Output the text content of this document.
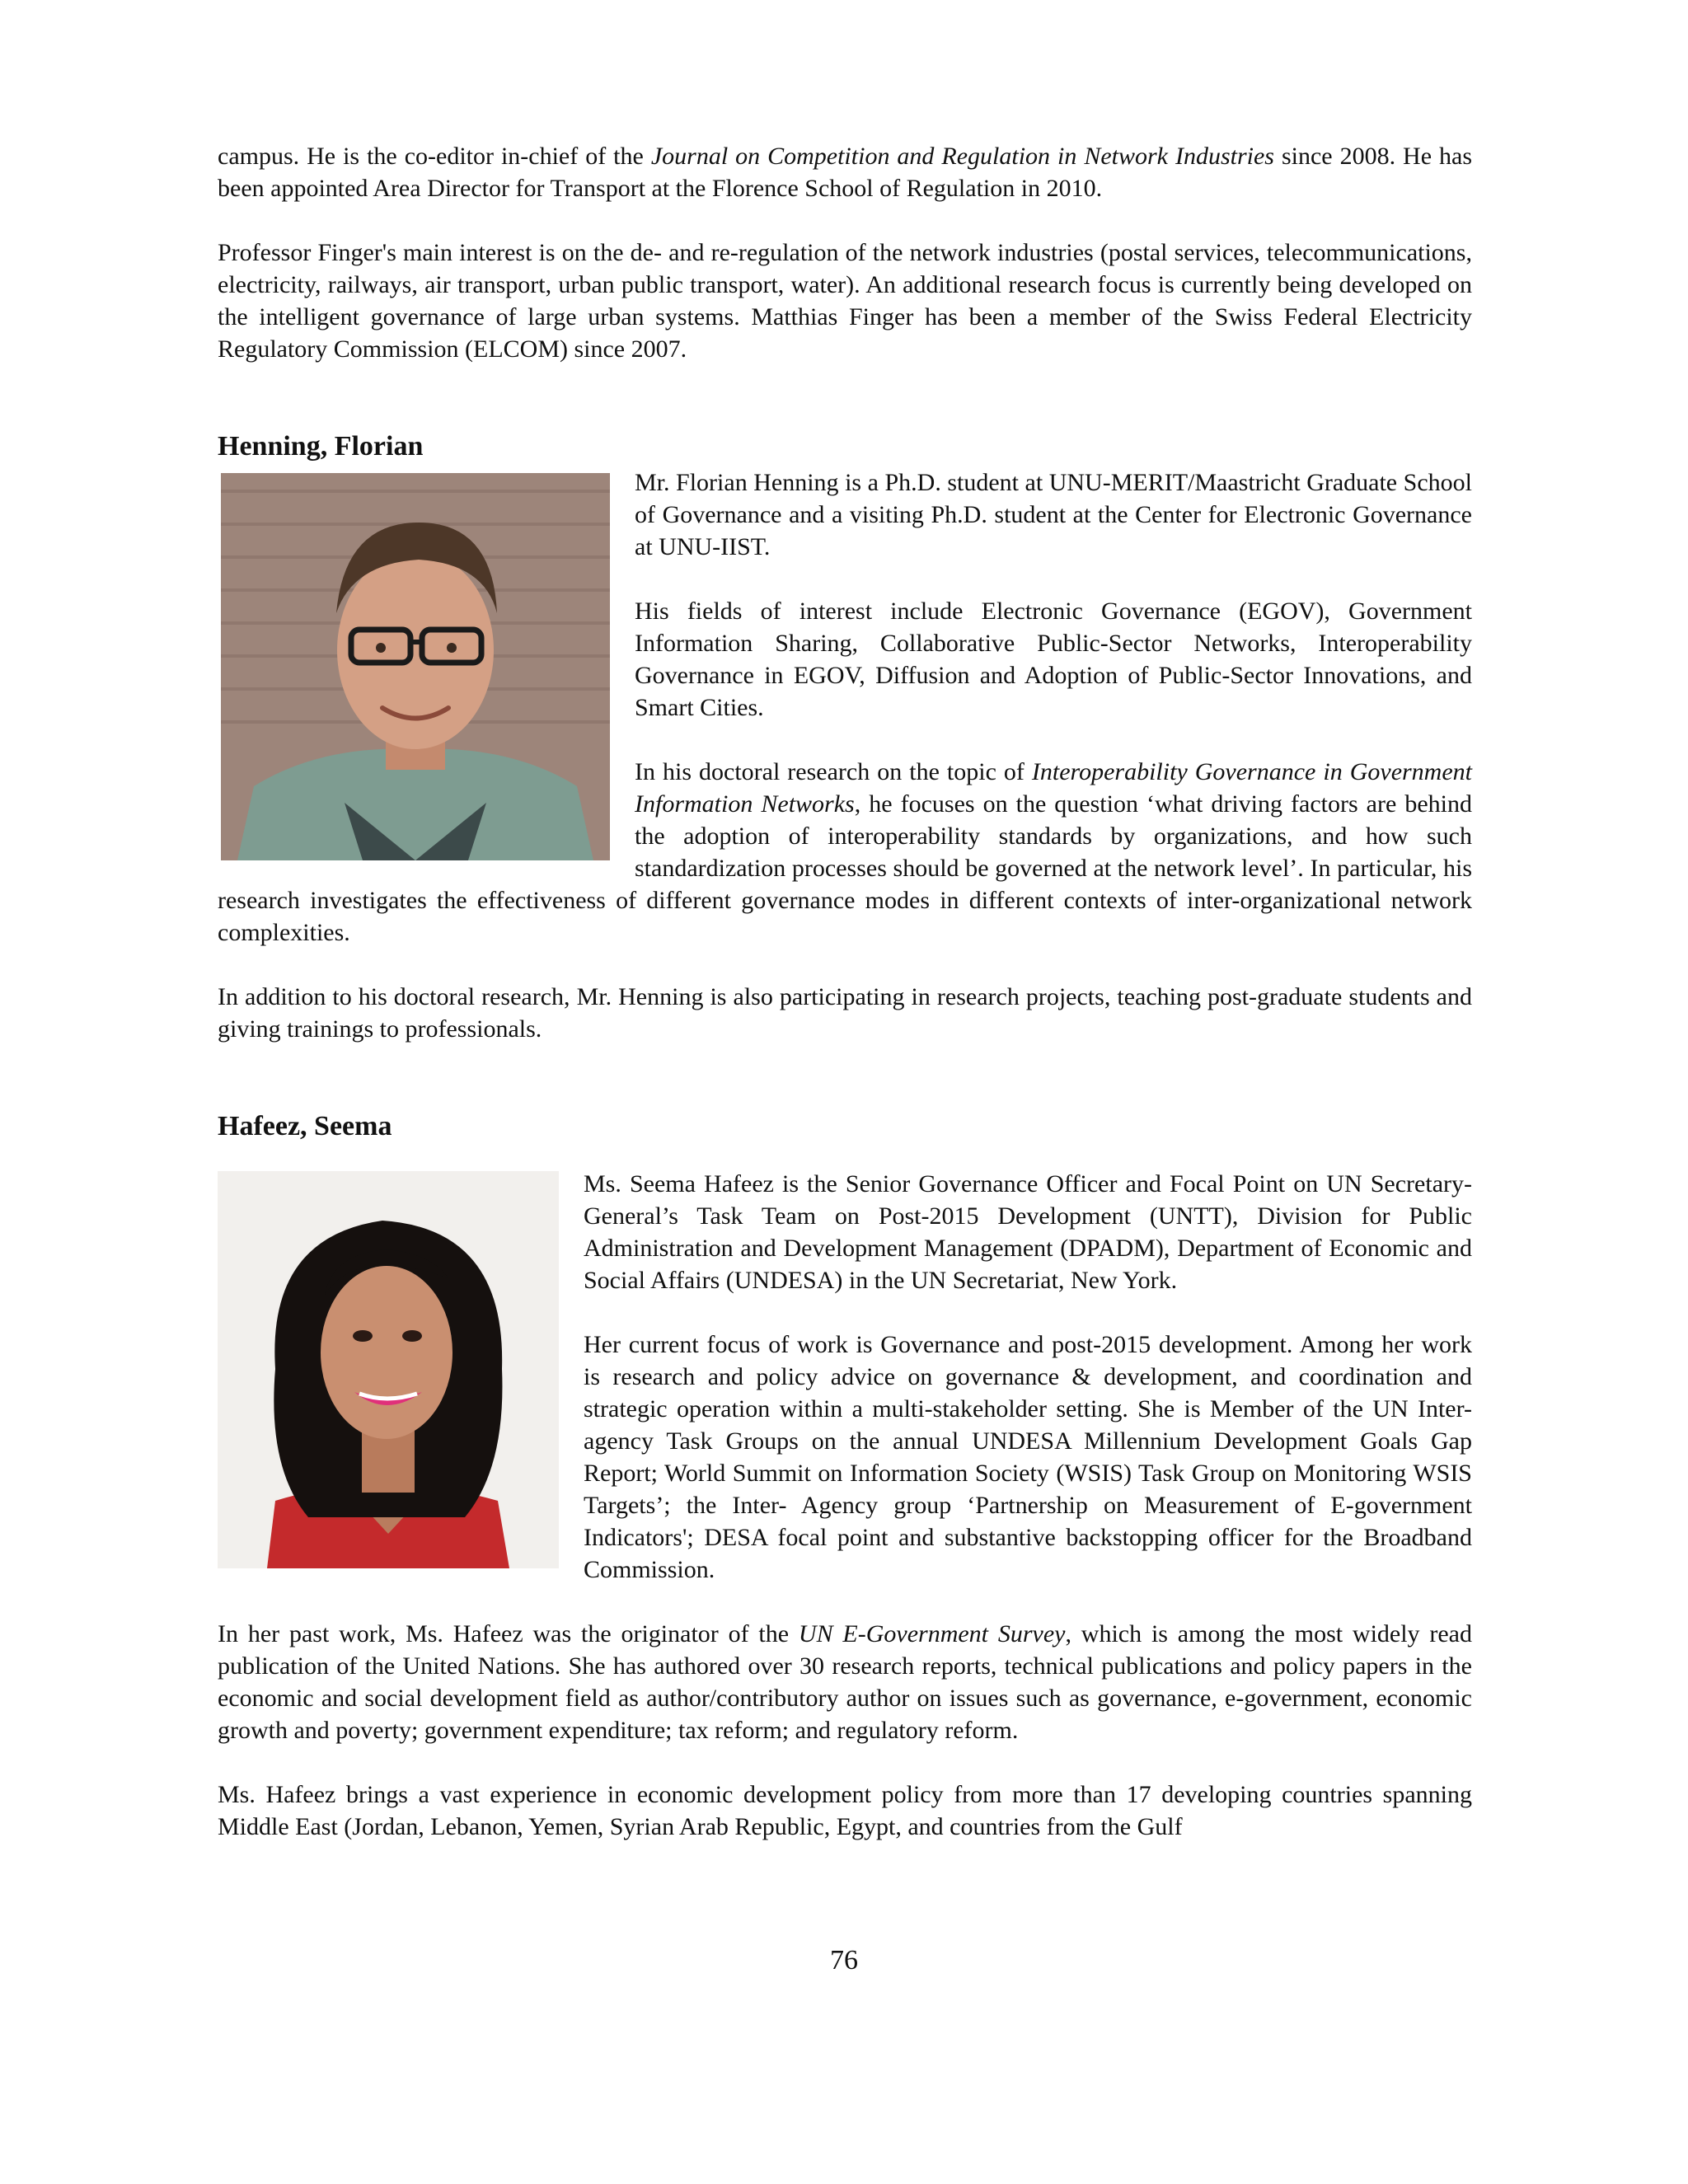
campus. He is the co-editor in-chief of the Journal on Competition and Regulation in Network Industries since 2008. He has been appointed Area Director for Transport at the Florence School of Regulation in 2010.

Professor Finger's main interest is on the de- and re-regulation of the network industries (postal services, telecommunications, electricity, railways, air transport, urban public transport, water). An additional research focus is currently being developed on the intelligent governance of large urban systems. Matthias Finger has been a member of the Swiss Federal Electricity Regulatory Commission (ELCOM) since 2007.

Henning, Florian

Mr. Florian Henning is a Ph.D. student at UNU-MERIT/Maastricht Graduate School of Governance and a visiting Ph.D. student at the Center for Electronic Governance at UNU-IIST.

His fields of interest include Electronic Governance (EGOV), Government Information Sharing, Collaborative Public-Sector Networks, Interoperability Governance in EGOV, Diffusion and Adoption of Public-Sector Innovations, and Smart Cities.

In his doctoral research on the topic of Interoperability Governance in Government Information Networks, he focuses on the question ‘what driving factors are behind the adoption of interoperability standards by organizations, and how such standardization processes should be governed at the network level’. In particular, his research investigates the effectiveness of different governance modes in different contexts of inter-organizational network complexities.

In addition to his doctoral research, Mr. Henning is also participating in research projects, teaching post-graduate students and giving trainings to professionals.

Hafeez, Seema

Ms. Seema Hafeez is the Senior Governance Officer and Focal Point on UN Secretary-General’s Task Team on Post-2015 Development (UNTT), Division for Public Administration and Development Management (DPADM), Department of Economic and Social Affairs (UNDESA) in the UN Secretariat, New York.

Her current focus of work is Governance and post-2015 development. Among her work is research and policy advice on governance & development, and coordination and strategic operation within a multi-stakeholder setting. She is Member of the UN Inter-agency Task Groups on the annual UNDESA Millennium Development Goals Gap Report; World Summit on Information Society (WSIS) Task Group on Monitoring WSIS Targets’; the Inter- Agency group ‘Partnership on Measurement of E-government Indicators'; DESA focal point and substantive backstopping officer for the Broadband Commission.

In her past work, Ms. Hafeez was the originator of the UN E-Government Survey, which is among the most widely read publication of the United Nations. She has authored over 30 research reports, technical publications and policy papers in the economic and social development field as author/contributory author on issues such as governance, e-government, economic growth and poverty; government expenditure; tax reform; and regulatory reform.

Ms. Hafeez brings a vast experience in economic development policy from more than 17 developing countries spanning Middle East (Jordan, Lebanon, Yemen, Syrian Arab Republic, Egypt, and countries from the Gulf

76
